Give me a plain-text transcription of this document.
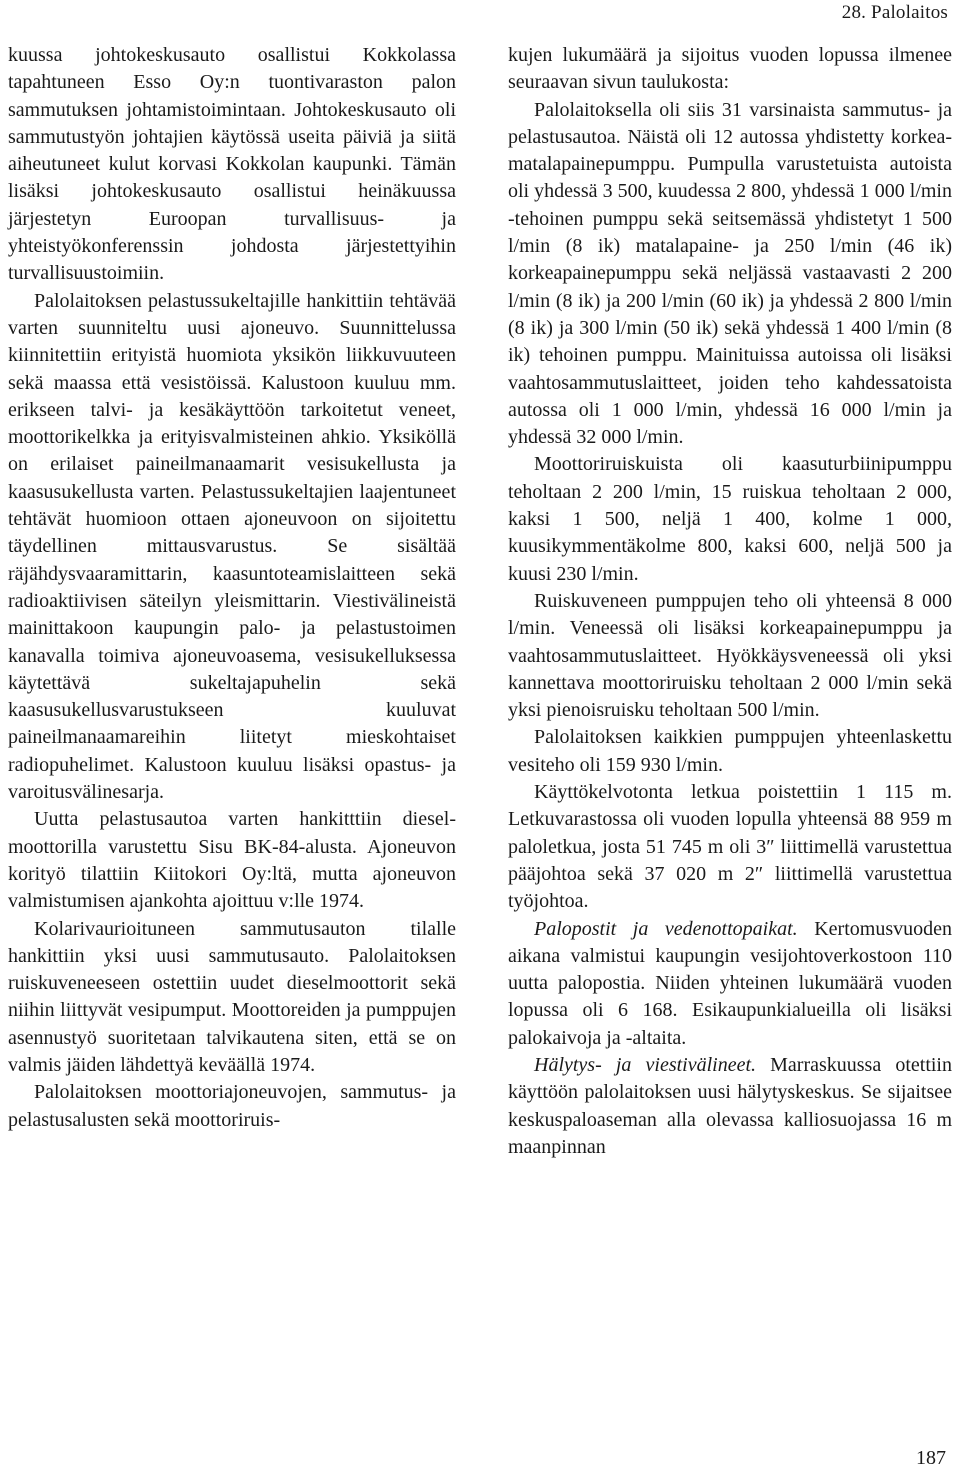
28. Palolaitos

kuussa johtokeskusauto osallistui Kokkolassa tapahtuneen Esso Oy:n tuontivaraston palon sammutuksen johtamistoimintaan. Johtokeskusauto oli sammutustyön johtajien käytössä useita päiviä ja siitä aiheutuneet kulut korvasi Kokkolan kaupunki. Tämän lisäksi johtokeskusauto osallistui heinäkuussa järjestetyn Euroopan turvallisuus- ja yhteistyökonferenssin johdosta järjestettyihin turvallisuustoimiin.

Palolaitoksen pelastussukeltajille hankittiin tehtävää varten suunniteltu uusi ajoneuvo. Suunnittelussa kiinnitettiin erityistä huomiota yksikön liikkuvuuteen sekä maassa että vesistöissä. Kalustoon kuuluu mm. erikseen talvi- ja kesäkäyttöön tarkoitetut veneet, moottorikelkka ja erityisvalmisteinen ahkio. Yksiköllä on erilaiset paineilmanaamarit vesisukellusta ja kaasusukellusta varten. Pelastussukeltajien laajentuneet tehtävät huomioon ottaen ajoneuvoon on sijoitettu täydellinen mittausvarustus. Se sisältää räjähdysvaaramittarin, kaasuntoteamislaitteen sekä radioaktiivisen säteilyn yleismittarin. Viestivälineistä mainittakoon kaupungin palo- ja pelastustoimen kanavalla toimiva ajoneuvoasema, vesisukelluksessa käytettävä sukeltajapuhelin sekä kaasusukellusvarustukseen kuuluvat paineilmanaamareihin liitetyt mieskohtaiset radiopuhelimet. Kalustoon kuuluu lisäksi opastus- ja varoitusvälinesarja.

Uutta pelastusautoa varten hankitttiin diesel-moottorilla varustettu Sisu BK-84-alusta. Ajoneuvon korityö tilattiin Kiitokori Oy:ltä, mutta ajoneuvon valmistumisen ajankohta ajoittuu v:lle 1974.

Kolarivaurioituneen sammutusauton tilalle hankittiin yksi uusi sammutusauto. Palolaitoksen ruiskuveneeseen ostettiin uudet dieselmoottorit sekä niihin liittyvät vesipumput. Moottoreiden ja pumppujen asennustyö suoritetaan talvikautena siten, että se on valmis jäiden lähdettyä keväällä 1974.

Palolaitoksen moottoriajoneuvojen, sammutus- ja pelastusalusten sekä moottoriruis-

kujen lukumäärä ja sijoitus vuoden lopussa ilmenee seuraavan sivun taulukosta:

Palolaitoksella oli siis 31 varsinaista sammutus- ja pelastusautoa. Näistä oli 12 autossa yhdistetty korkea-matalapainepumppu. Pumpulla varustetuista autoista oli yhdessä 3 500, kuudessa 2 800, yhdessä 1 000 l/min -tehoinen pumppu sekä seitsemässä yhdistetyt 1 500 l/min (8 ik) matalapaine- ja 250 l/min (46 ik) korkeapainepumppu sekä neljässä vastaavasti 2 200 l/min (8 ik) ja 200 l/min (60 ik) ja yhdessä 2 800 l/min (8 ik) ja 300 l/min (50 ik) sekä yhdessä 1 400 l/min (8 ik) tehoinen pumppu. Mainituissa autoissa oli lisäksi vaahtosammutuslaitteet, joiden teho kahdessatoista autossa oli 1 000 l/min, yhdessä 16 000 l/min ja yhdessä 32 000 l/min.

Moottoriruiskuista oli kaasuturbiinipumppu teholtaan 2 200 l/min, 15 ruiskua teholtaan 2 000, kaksi 1 500, neljä 1 400, kolme 1 000, kuusikymmentäkolme 800, kaksi 600, neljä 500 ja kuusi 230 l/min.

Ruiskuveneen pumppujen teho oli yhteensä 8 000 l/min. Veneessä oli lisäksi korkeapainepumppu ja vaahtosammutuslaitteet. Hyökkäysveneessä oli yksi kannettava moottoriruisku teholtaan 2 000 l/min sekä yksi pienoisruisku teholtaan 500 l/min.

Palolaitoksen kaikkien pumppujen yhteenlaskettu vesiteho oli 159 930 l/min.

Käyttökelvotonta letkua poistettiin 1 115 m. Letkuvarastossa oli vuoden lopulla yhteensä 88 959 m paloletkua, josta 51 745 m oli 3″ liittimellä varustettua pääjohtoa sekä 37 020 m 2″ liittimellä varustettua työjohtoa.

Palopostit ja vedenottopaikat. Kertomusvuoden aikana valmistui kaupungin vesijohtoverkostoon 110 uutta palopostia. Niiden yhteinen lukumäärä vuoden lopussa oli 6 168. Esikaupunkialueilla oli lisäksi palokaivoja ja -altaita.

Hälytys- ja viestivälineet. Marraskuussa otettiin käyttöön palolaitoksen uusi hälytyskeskus. Se sijaitsee keskuspaloaseman alla olevassa kalliosuojassa 16 m maanpinnan

187
